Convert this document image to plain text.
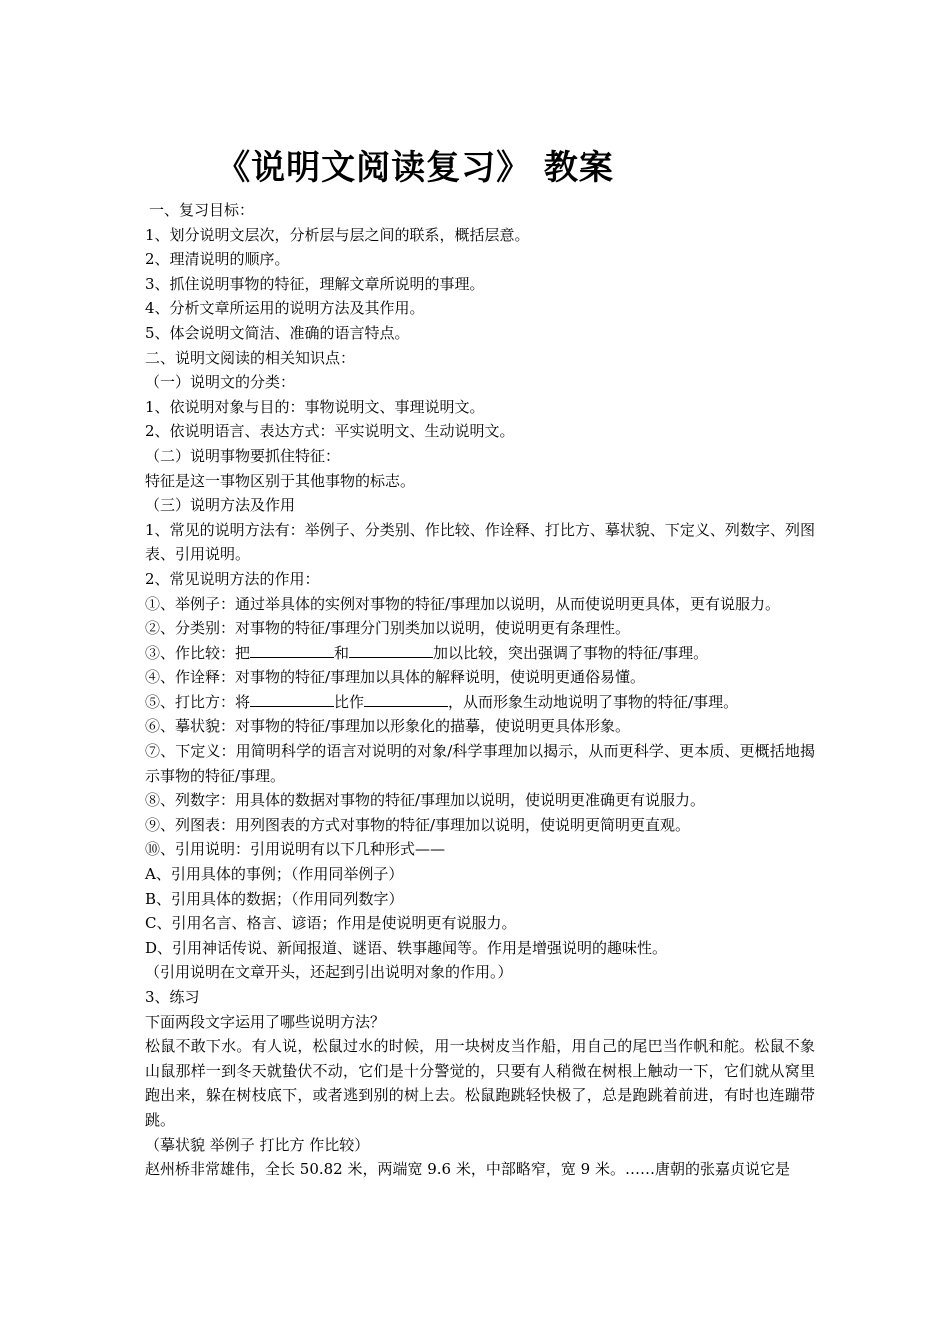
《说明文阅读复习》 教案
一、复习目标：
1、划分说明文层次，分析层与层之间的联系，概括层意。
2、理清说明的顺序。
3、抓住说明事物的特征，理解文章所说明的事理。
4、分析文章所运用的说明方法及其作用。
5、体会说明文简洁、准确的语言特点。
二、说明文阅读的相关知识点：
（一）说明文的分类：
1、依说明对象与目的：事物说明文、事理说明文。
2、依说明语言、表达方式：平实说明文、生动说明文。
（二）说明事物要抓住特征：
特征是这一事物区别于其他事物的标志。
（三）说明方法及作用
1、常见的说明方法有：举例子、分类别、作比较、作诠释、打比方、摹状貌、下定义、列数字、列图表、引用说明。
2、常见说明方法的作用：
①、举例子：通过举具体的实例对事物的特征/事理加以说明，从而使说明更具体，更有说服力。
②、分类别：对事物的特征/事理分门别类加以说明，使说明更有条理性。
③、作比较：把	和	加以比较，突出强调了事物的特征/事理。
④、作诠释：对事物的特征/事理加以具体的解释说明，使说明更通俗易懂。
⑤、打比方：将	比作	，从而形象生动地说明了事物的特征/事理。
⑥、摹状貌：对事物的特征/事理加以形象化的描摹，使说明更具体形象。
⑦、下定义：用简明科学的语言对说明的对象/科学事理加以揭示，从而更科学、更本质、更概括地揭示事物的特征/事理。
⑧、列数字：用具体的数据对事物的特征/事理加以说明，使说明更准确更有说服力。
⑨、列图表：用列图表的方式对事物的特征/事理加以说明，使说明更简明更直观。
⑩、引用说明：引用说明有以下几种形式——
A、引用具体的事例；（作用同举例子）
B、引用具体的数据；（作用同列数字）
C、引用名言、格言、谚语；作用是使说明更有说服力。
D、引用神话传说、新闻报道、谜语、轶事趣闻等。作用是增强说明的趣味性。
（引用说明在文章开头，还起到引出说明对象的作用。）
3、练习
下面两段文字运用了哪些说明方法？
松鼠不敢下水。有人说，松鼠过水的时候，用一块树皮当作船，用自己的尾巴当作帆和舵。松鼠不象山鼠那样一到冬天就蛰伏不动，它们是十分警觉的，只要有人稍微在树根上触动一下，它们就从窝里跑出来，躲在树枝底下，或者逃到别的树上去。松鼠跑跳轻快极了，总是跑跳着前进，有时也连蹦带跳。
（摹状貌 举例子 打比方 作比较）
赵州桥非常雄伟，全长 50.82 米，两端宽 9.6 米，中部略窄，宽 9 米。……唐朝的张嘉贞说它是
